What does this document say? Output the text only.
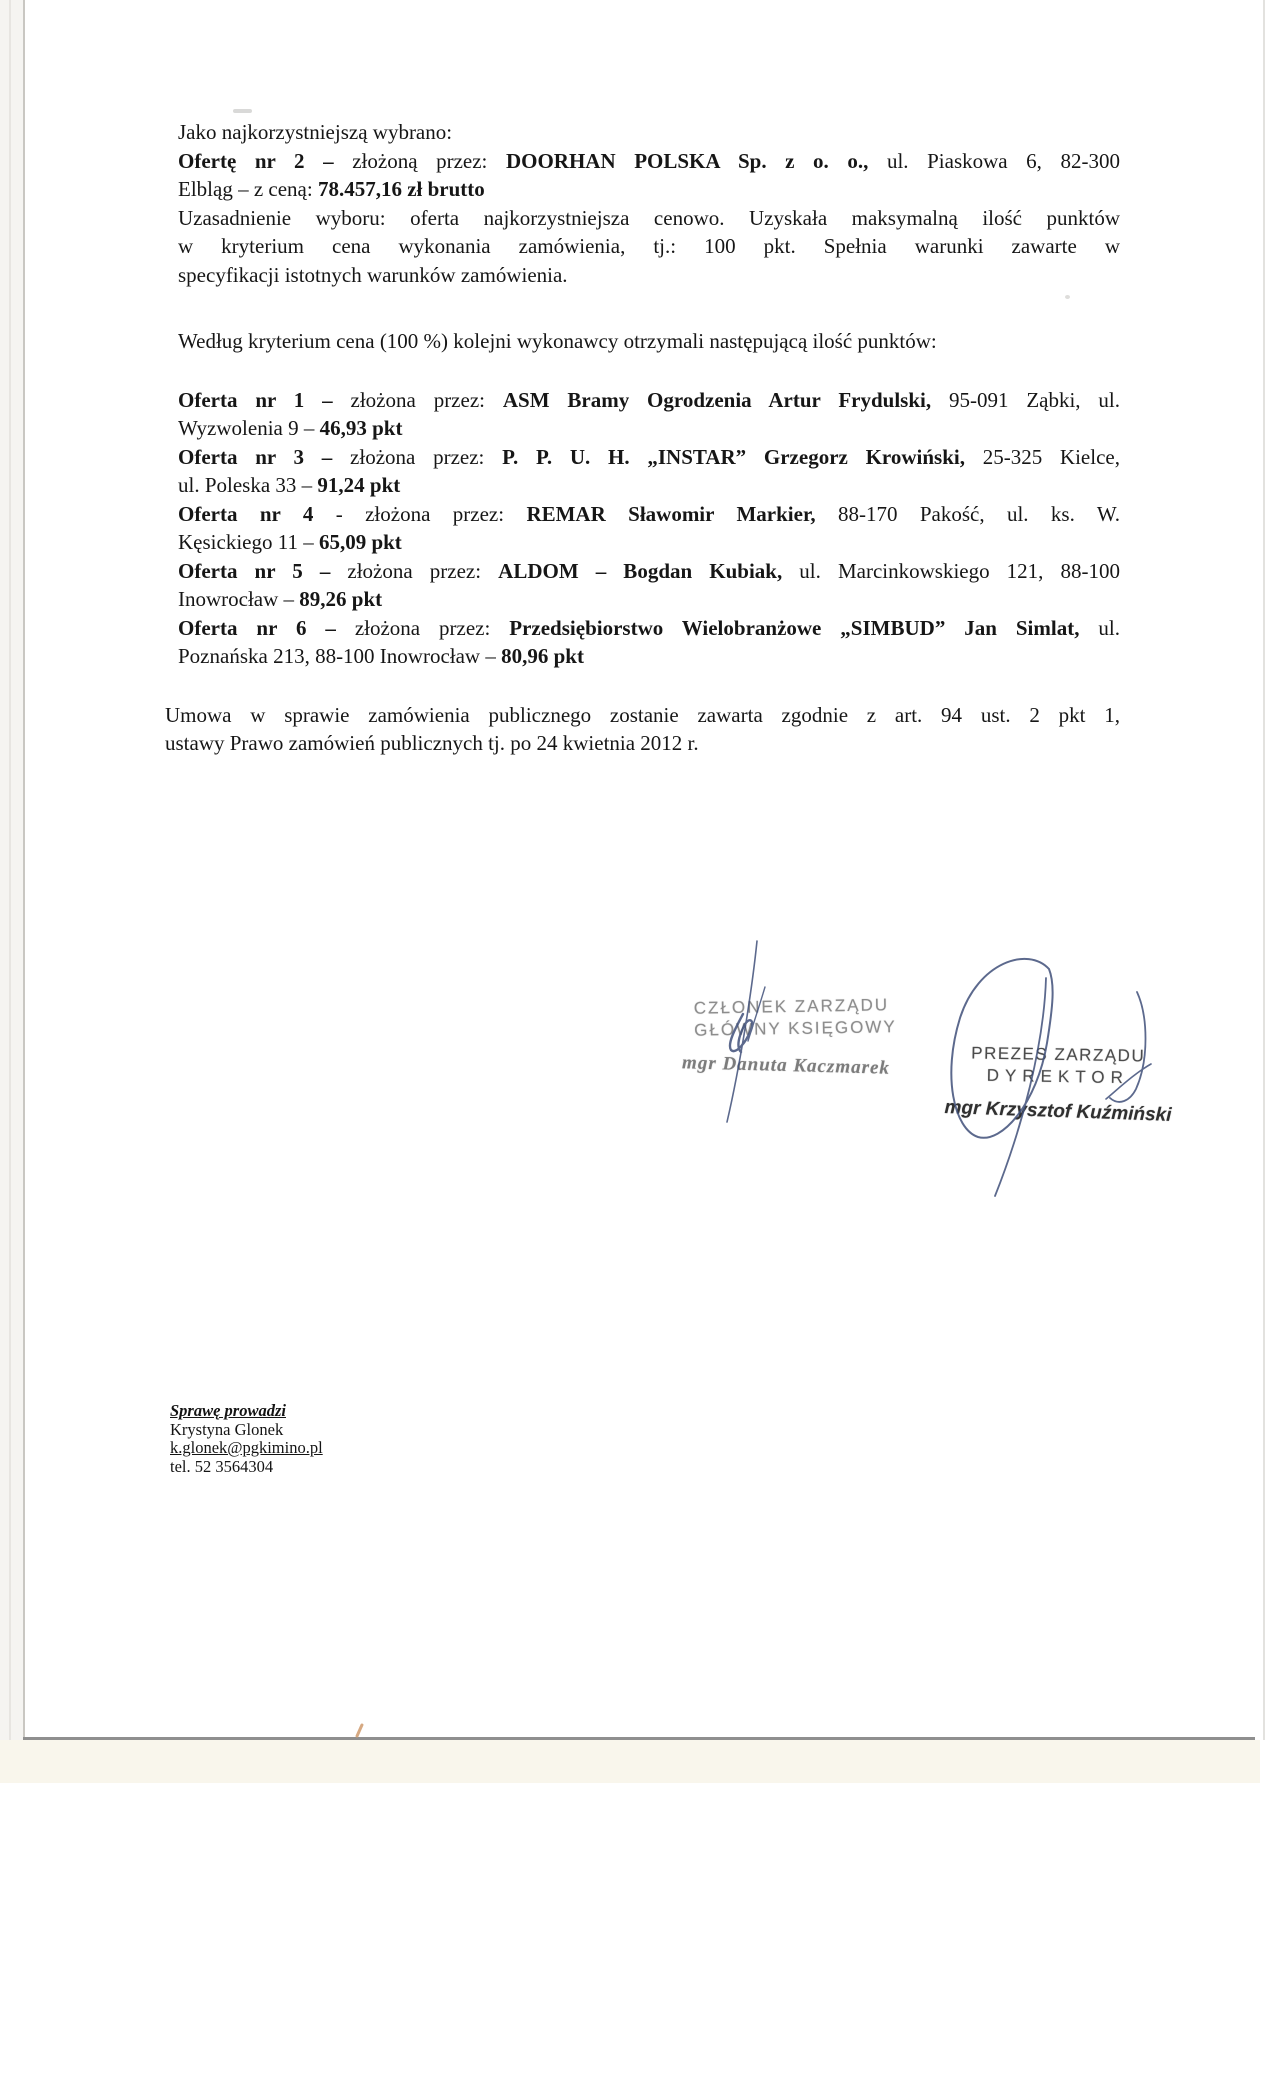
Jako najkorzystniejszą wybrano:

Ofertę nr 2 – złożoną przez: DOORHAN POLSKA Sp. z o. o., ul. Piaskowa 6, 82-300
Elbląg – z ceną: 78.457,16 zł brutto
Uzasadnienie wyboru: oferta najkorzystniejsza cenowo. Uzyskała maksymalną ilość punktów
w kryterium cena wykonania zamówienia, tj.: 100 pkt. Spełnia warunki zawarte w
specyfikacji istotnych warunków zamówienia.

Według kryterium cena (100 %) kolejni wykonawcy otrzymali następującą ilość punktów:

Oferta nr 1 – złożona przez: ASM Bramy Ogrodzenia Artur Frydulski, 95-091 Ząbki, ul.
Wyzwolenia 9 – 46,93 pkt
Oferta nr 3 – złożona przez: P. P. U. H. „INSTAR” Grzegorz Krowiński, 25-325 Kielce,
ul. Poleska 33 – 91,24 pkt
Oferta nr 4 - złożona przez: REMAR Sławomir Markier, 88-170 Pakość, ul. ks. W.
Kęsickiego 11 – 65,09 pkt
Oferta nr 5 – złożona przez: ALDOM – Bogdan Kubiak, ul. Marcinkowskiego 121, 88-100
Inowrocław – 89,26 pkt
Oferta nr 6 – złożona przez: Przedsiębiorstwo Wielobranżowe „SIMBUD” Jan Simlat, ul.
Poznańska 213, 88-100 Inowrocław – 80,96 pkt
Umowa w sprawie zamówienia publicznego zostanie zawarta zgodnie z art. 94 ust. 2 pkt 1,
ustawy Prawo zamówień publicznych tj. po 24 kwietnia 2012 r.
CZŁONEK ZARZĄDU
GŁÓWNY KSIĘGOWY
mgr Danuta Kaczmarek	PREZES ZARZĄDU
DYREKTOR
mgr Krzysztof Kuźmiński
Sprawę prowadzi
Krystyna Glonek
k.glonek@pgkimino.pl
tel. 52 3564304
